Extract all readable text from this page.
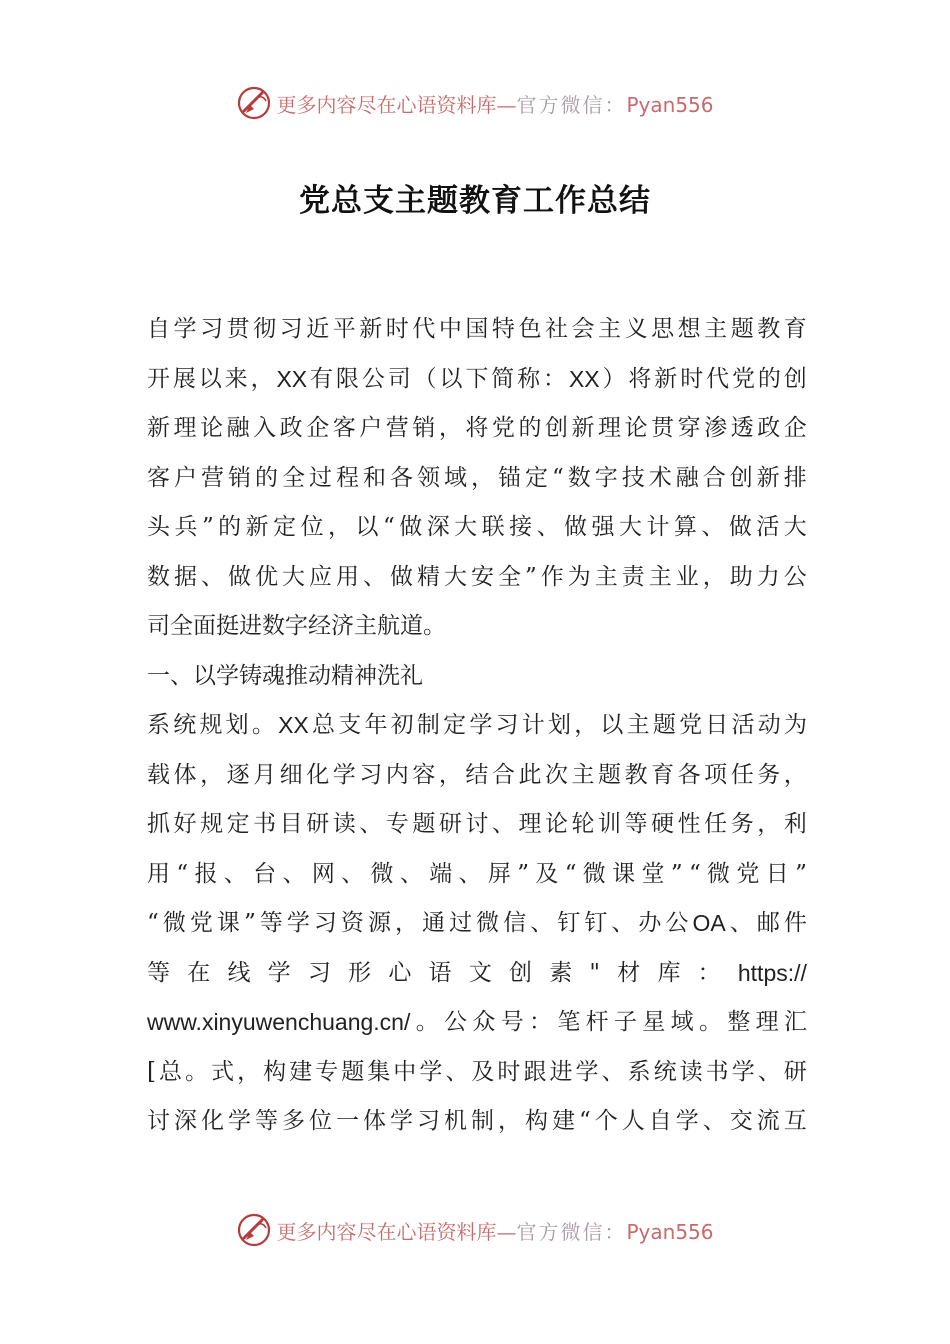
更多内容尽在心语资料库—官方微信：Pyan556
党总支主题教育工作总结
自 学 习 贯 彻 习 近 平 新 时 代 中 国 特 色 社 会 主 义 思 想 主 题 教 育
开 展 以 来 ， XX 有 限 公 司 （ 以 下 简 称 ： XX ） 将 新 时 代 党 的 创
新 理 论 融 入 政 企 客 户 营 销 ， 将 党 的 创 新 理 论 贯 穿 渗 透 政 企
客 户 营 销 的 全 过 程 和 各 领 域 ， 锚 定 “ 数 字 技 术 融 合 创 新 排
头 兵 ” 的 新 定 位 ， 以 “ 做 深 大 联 接 、 做 强 大 计 算 、 做 活 大
数 据 、 做 优 大 应 用 、 做 精 大 安 全 ” 作 为 主 责 主 业 ， 助 力 公
司全面挺进数字经济主航道。
一、以学铸魂推动精神洗礼
系 统 规 划 。 XX 总 支 年 初 制 定 学 习 计 划 ， 以 主 题 党 日 活 动 为
载 体 ， 逐 月 细 化 学 习 内 容 ， 结 合 此 次 主 题 教 育 各 项 任 务 ，
抓 好 规 定 书 目 研 读 、 专 题 研 讨 、 理 论 轮 训 等 硬 性 任 务 ， 利
用 “ 报 、 台 、 网 、 微 、 端 、 屏 ” 及 “ 微 课 堂 ” “ 微 党 日 ”
“ 微 党 课 ” 等 学 习 资 源 ， 通 过 微 信 、 钉 钉 、 办 公 OA 、 邮 件
等 在 线 学 习 形 心 语 文 创 素 " 材 库 ： https://
www.xinyuwenchuang.cn/ 。 公 众 号 ： 笔 杆 子 星 域 。 整 理 汇
[ 总 。 式 ， 构 建 专 题 集 中 学 、 及 时 跟 进 学 、 系 统 读 书 学 、 研
讨 深 化 学 等 多 位 一 体 学 习 机 制 ， 构 建 “ 个 人 自 学 、 交 流 互
更多内容尽在心语资料库—官方微信：Pyan556
